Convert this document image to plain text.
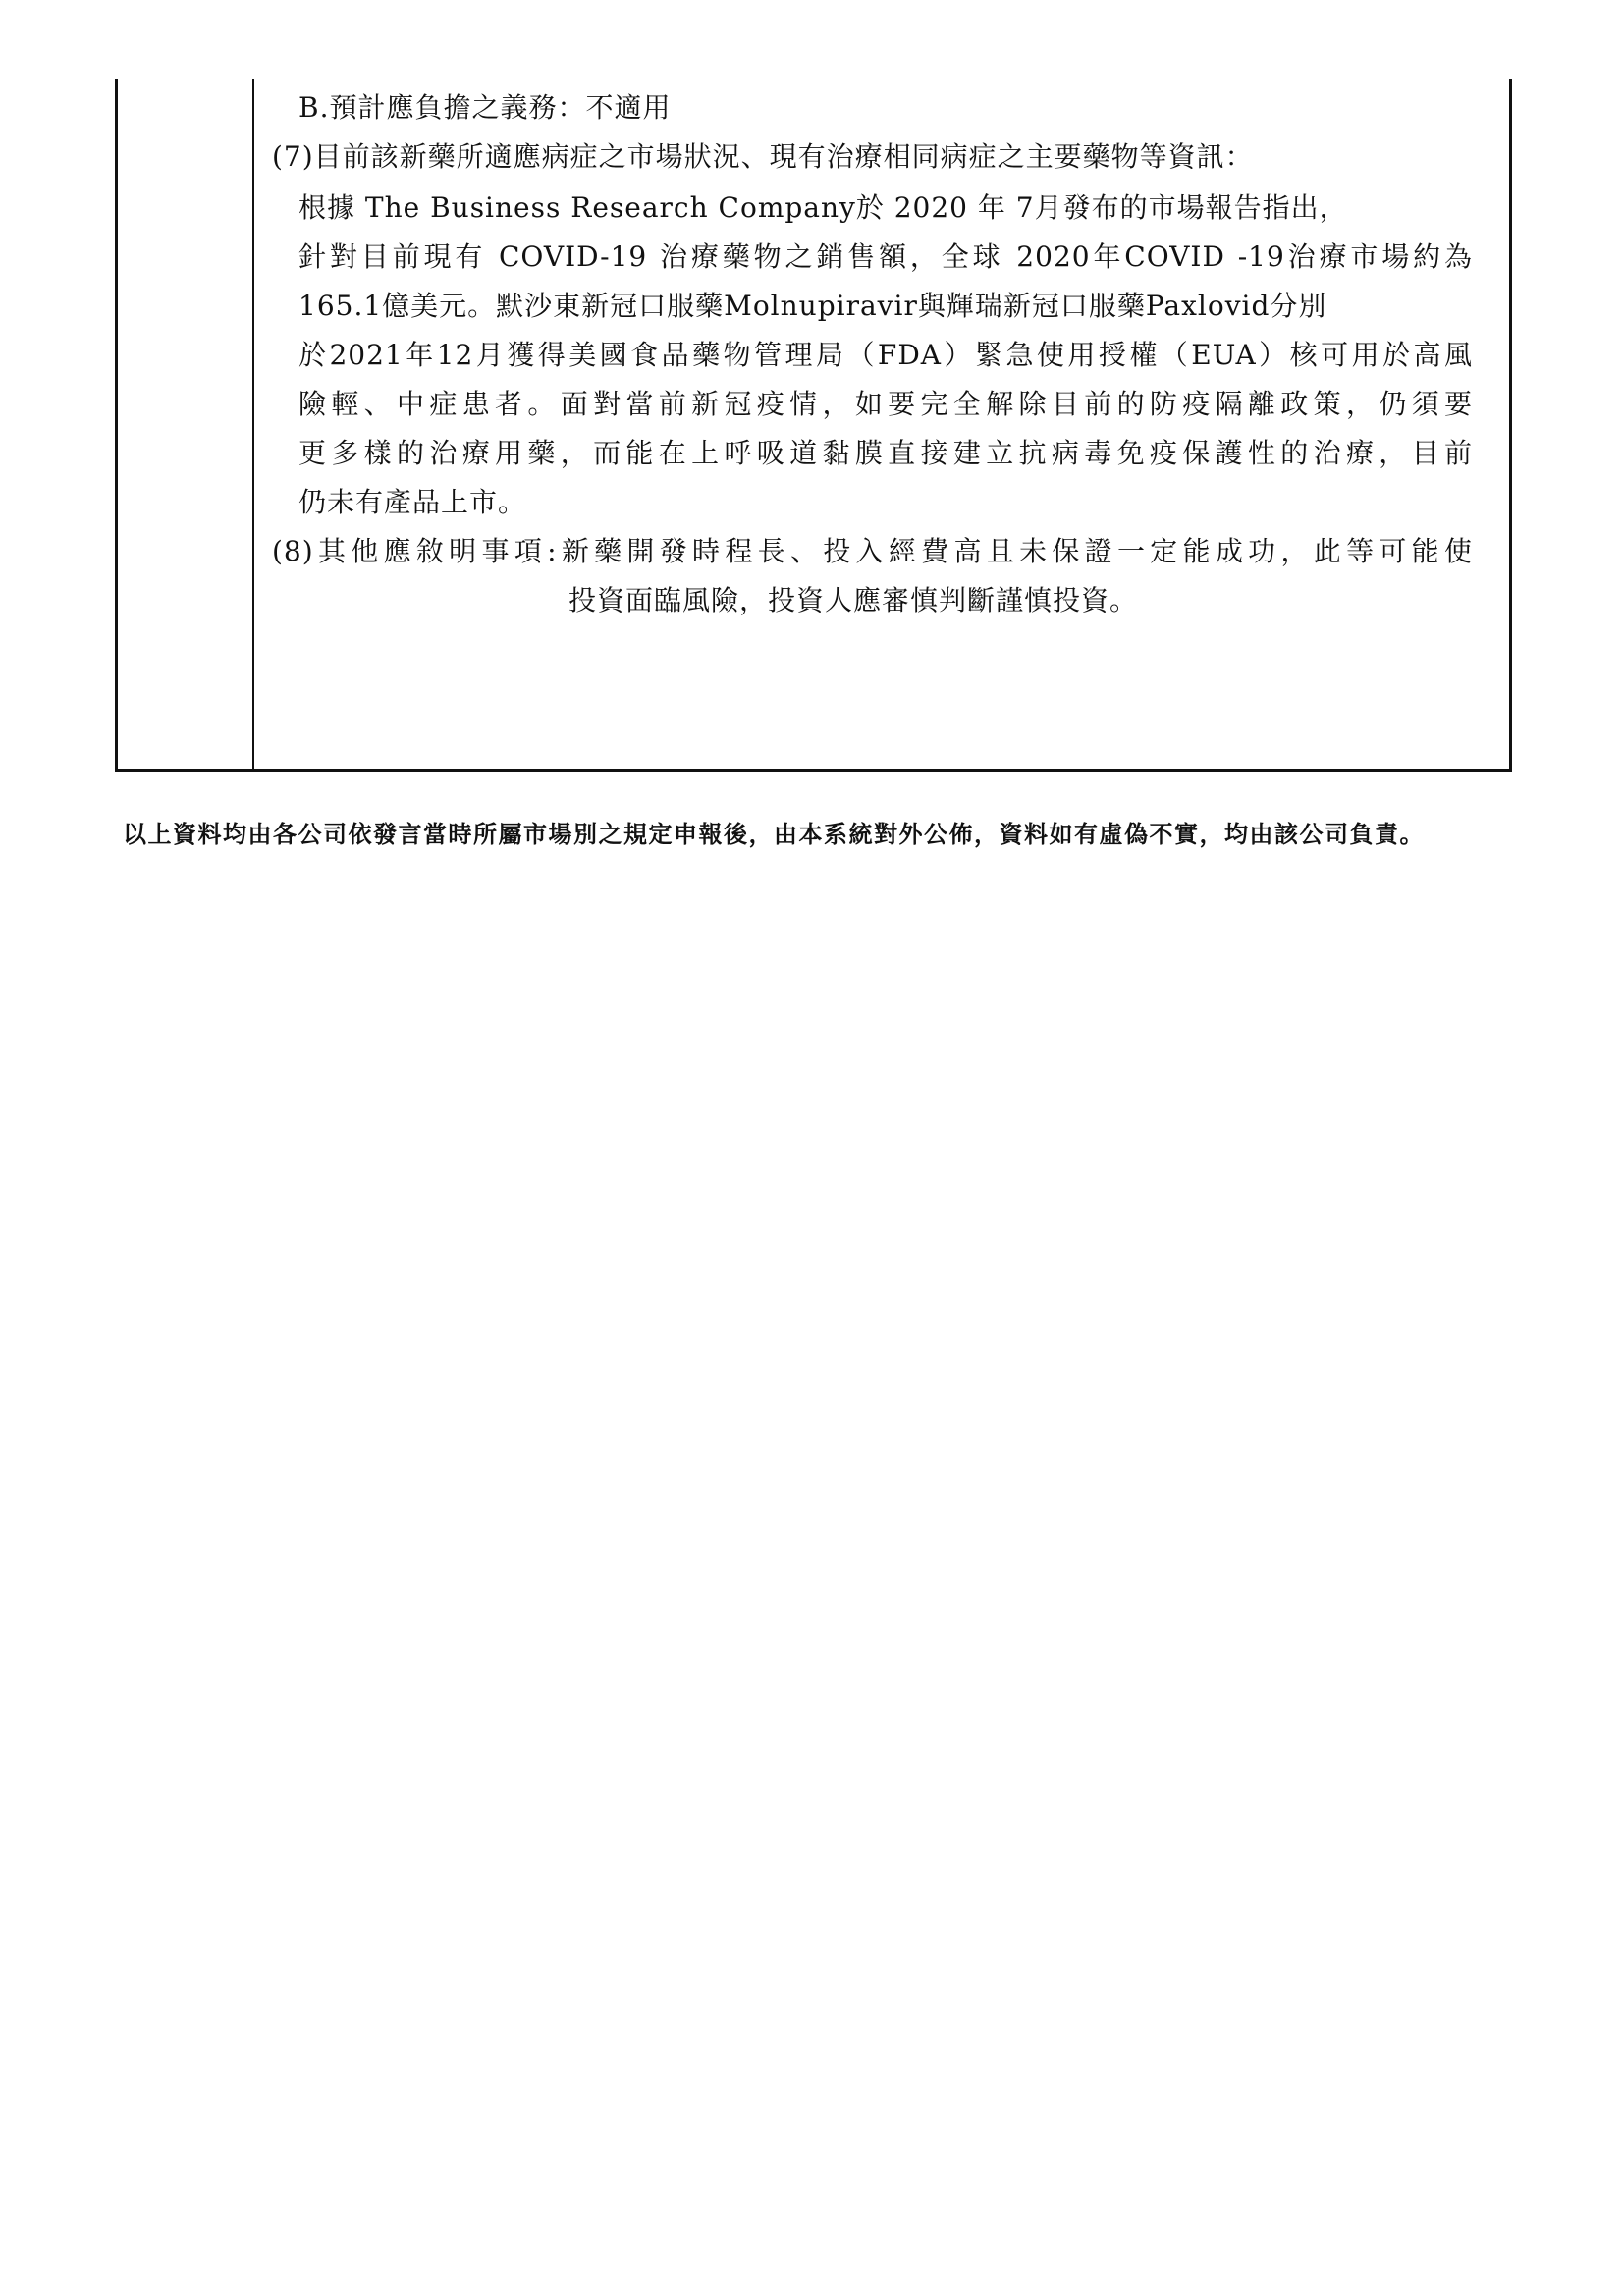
B.預計應負擔之義務：不適用
(7)目前該新藥所適應病症之市場狀況、現有治療相同病症之主要藥物等資訊：
根據 The Business Research Company於 2020 年 7月發布的市場報告指出，
針對目前現有 COVID-19 治療藥物之銷售額，全球 2020年COVID -19治療市場約為
165.1億美元。默沙東新冠口服藥Molnupiravir與輝瑞新冠口服藥Paxlovid分別
於2021年12月獲得美國食品藥物管理局（FDA）緊急使用授權（EUA）核可用於高風
險輕、中症患者。面對當前新冠疫情，如要完全解除目前的防疫隔離政策，仍須要
更多樣的治療用藥，而能在上呼吸道黏膜直接建立抗病毒免疫保護性的治療，目前
仍未有產品上市。
(8)其他應敘明事項:新藥開發時程長、投入經費高且未保證一定能成功，此等可能使
投資面臨風險，投資人應審慎判斷謹慎投資。
以上資料均由各公司依發言當時所屬市場別之規定申報後，由本系統對外公佈，資料如有虛偽不實，均由該公司負責。
